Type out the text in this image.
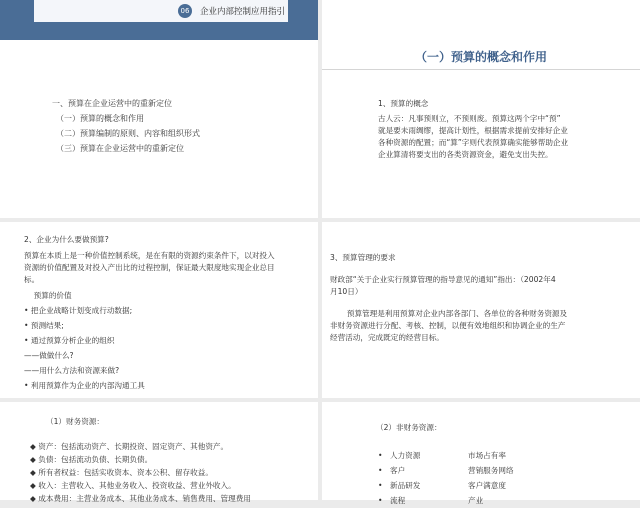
06 企业内部控制应用指引
一、预算在企业运营中的重新定位
（一）预算的概念和作用
（二）预算编制的原则、内容和组织形式
（三）预算在企业运营中的重新定位
（一）预算的概念和作用
1、预算的概念
古人云：凡事预则立，不预则废。预算这两个字中“预”
就是要未雨绸缪，提高计划性，根据需求提前安排好企业
各种资源的配置；而“算”字则代表预算确实能够帮助企业
企业算清将要支出的各类资源资金，避免支出失控。
2、企业为什么要做预算?
预算在本质上是一种价值控制系统，是在有限的资源约束条件下，以对投入
资源的价值配置及对投入产出比的过程控制，保证最大限度地实现企业总目
标。
预算的价值
• 把企业战略计划变成行动数据;
• 预测结果;
• 通过预算分析企业的组织
——做做什么?
——用什么方法和资源来做?
• 利用预算作为企业的内部沟通工具
3、预算管理的要求
财政部“关于企业实行预算管理的指导意见的通知”指出：（2002年4
月10日）
预算管理是利用预算对企业内部各部门、各单位的各种财务资源及
非财务资源进行分配、考核、控制，以便有效地组织和协调企业的生产
经营活动，完成既定的经营目标。
（1）财务资源：
◆ 资产：包括流动资产、长期投资、固定资产、其他资产。
◆ 负债：包括流动负债、长期负债。
◆ 所有者权益：包括实收资本、资本公积、留存收益。
◆ 收入：主营收入、其他业务收入、投资收益、营业外收入。
◆ 成本费用：主营业务成本、其他业务成本、销售费用、管理费用
（2）非财务资源：
• 人力资源	市场占有率
• 客户	营销服务网络
• 新品研发	客户满意度
• 流程	产业
